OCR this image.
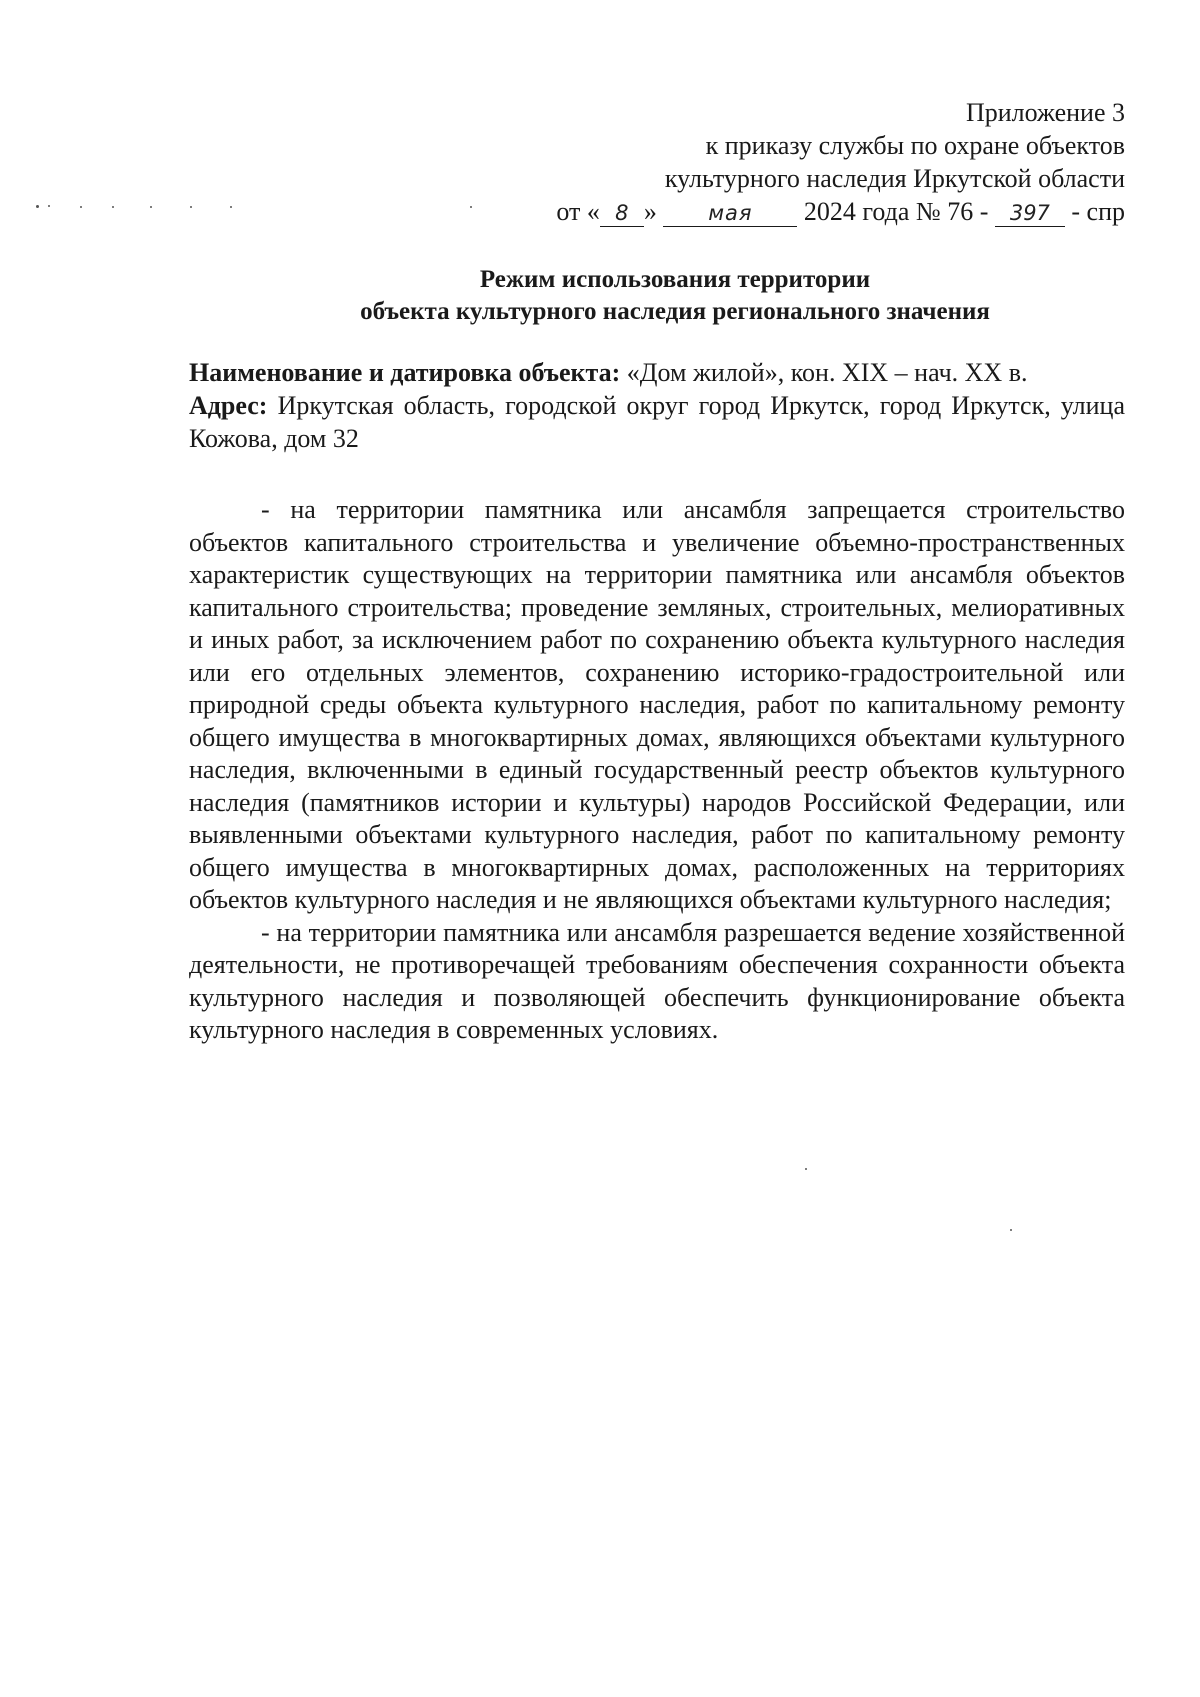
Приложение 3
к приказу службы по охране объектов
культурного наследия Иркутской области
от « 8 » мая 2024 года № 76 - 397 - спр
Режим использования территории
объекта культурного наследия регионального значения
Наименование и датировка объекта: «Дом жилой», кон. XIX – нач. XX в.
Адрес: Иркутская область, городской округ город Иркутск, город Иркутск, улица Кожова, дом 32

- на территории памятника или ансамбля запрещается строительство объектов капитального строительства и увеличение объемно-пространственных характеристик существующих на территории памятника или ансамбля объектов капитального строительства; проведение земляных, строительных, мелиоративных и иных работ, за исключением работ по сохранению объекта культурного наследия или его отдельных элементов, сохранению историко-градостроительной или природной среды объекта культурного наследия, работ по капитальному ремонту общего имущества в многоквартирных домах, являющихся объектами культурного наследия, включенными в единый государственный реестр объектов культурного наследия (памятников истории и культуры) народов Российской Федерации, или выявленными объектами культурного наследия, работ по капитальному ремонту общего имущества в многоквартирных домах, расположенных на территориях объектов культурного наследия и не являющихся объектами культурного наследия;

- на территории памятника или ансамбля разрешается ведение хозяйственной деятельности, не противоречащей требованиям обеспечения сохранности объекта культурного наследия и позволяющей обеспечить функционирование объекта культурного наследия в современных условиях.
